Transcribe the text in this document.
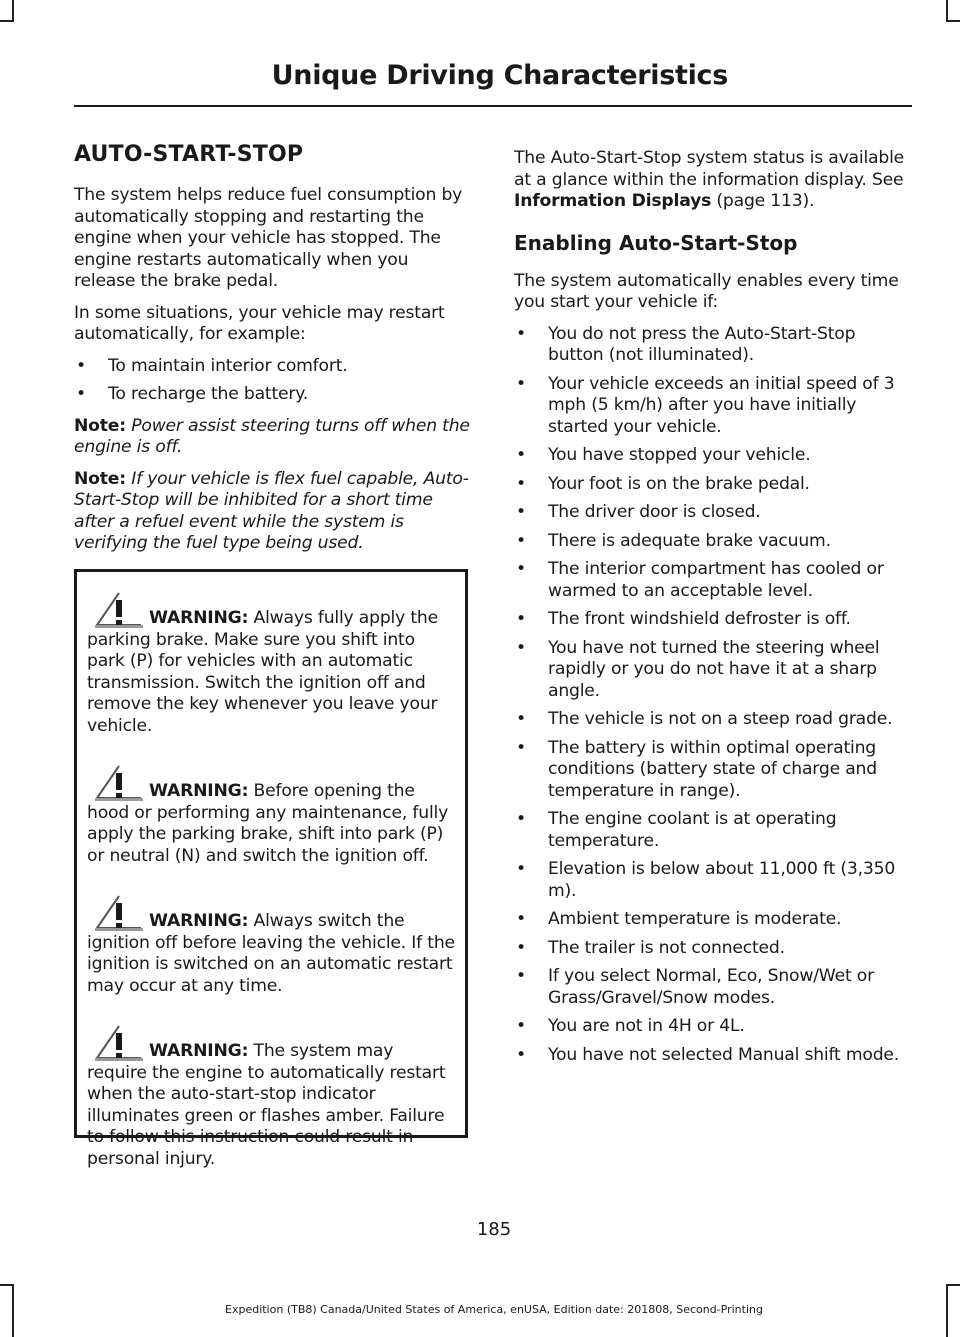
Unique Driving Characteristics
AUTO-START-STOP

The system helps reduce fuel consumption by automatically stopping and restarting the engine when your vehicle has stopped. The engine restarts automatically when you release the brake pedal.

In some situations, your vehicle may restart automatically, for example:

• To maintain interior comfort.
• To recharge the battery.

Note: Power assist steering turns off when the engine is off.

Note: If your vehicle is flex fuel capable, Auto-Start-Stop will be inhibited for a short time after a refuel event while the system is verifying the fuel type being used.

WARNING: Always fully apply the parking brake. Make sure you shift into park (P) for vehicles with an automatic transmission. Switch the ignition off and remove the key whenever you leave your vehicle.
WARNING: Before opening the hood or performing any maintenance, fully apply the parking brake, shift into park (P) or neutral (N) and switch the ignition off.
WARNING: Always switch the ignition off before leaving the vehicle. If the ignition is switched on an automatic restart may occur at any time.
WARNING: The system may require the engine to automatically restart when the auto-start-stop indicator illuminates green or flashes amber. Failure to follow this instruction could result in personal injury.

The Auto-Start-Stop system status is available at a glance within the information display. See Information Displays (page 113).

Enabling Auto-Start-Stop

The system automatically enables every time you start your vehicle if:

• You do not press the Auto-Start-Stop button (not illuminated).
• Your vehicle exceeds an initial speed of 3 mph (5 km/h) after you have initially started your vehicle.
• You have stopped your vehicle.
• Your foot is on the brake pedal.
• The driver door is closed.
• There is adequate brake vacuum.
• The interior compartment has cooled or warmed to an acceptable level.
• The front windshield defroster is off.
• You have not turned the steering wheel rapidly or you do not have it at a sharp angle.
• The vehicle is not on a steep road grade.
• The battery is within optimal operating conditions (battery state of charge and temperature in range).
• The engine coolant is at operating temperature.
• Elevation is below about 11,000 ft (3,350 m).
• Ambient temperature is moderate.
• The trailer is not connected.
• If you select Normal, Eco, Snow/Wet or Grass/Gravel/Snow modes.
• You are not in 4H or 4L.
• You have not selected Manual shift mode.
185
Expedition (TB8) Canada/United States of America, enUSA, Edition date: 201808, Second-Printing
